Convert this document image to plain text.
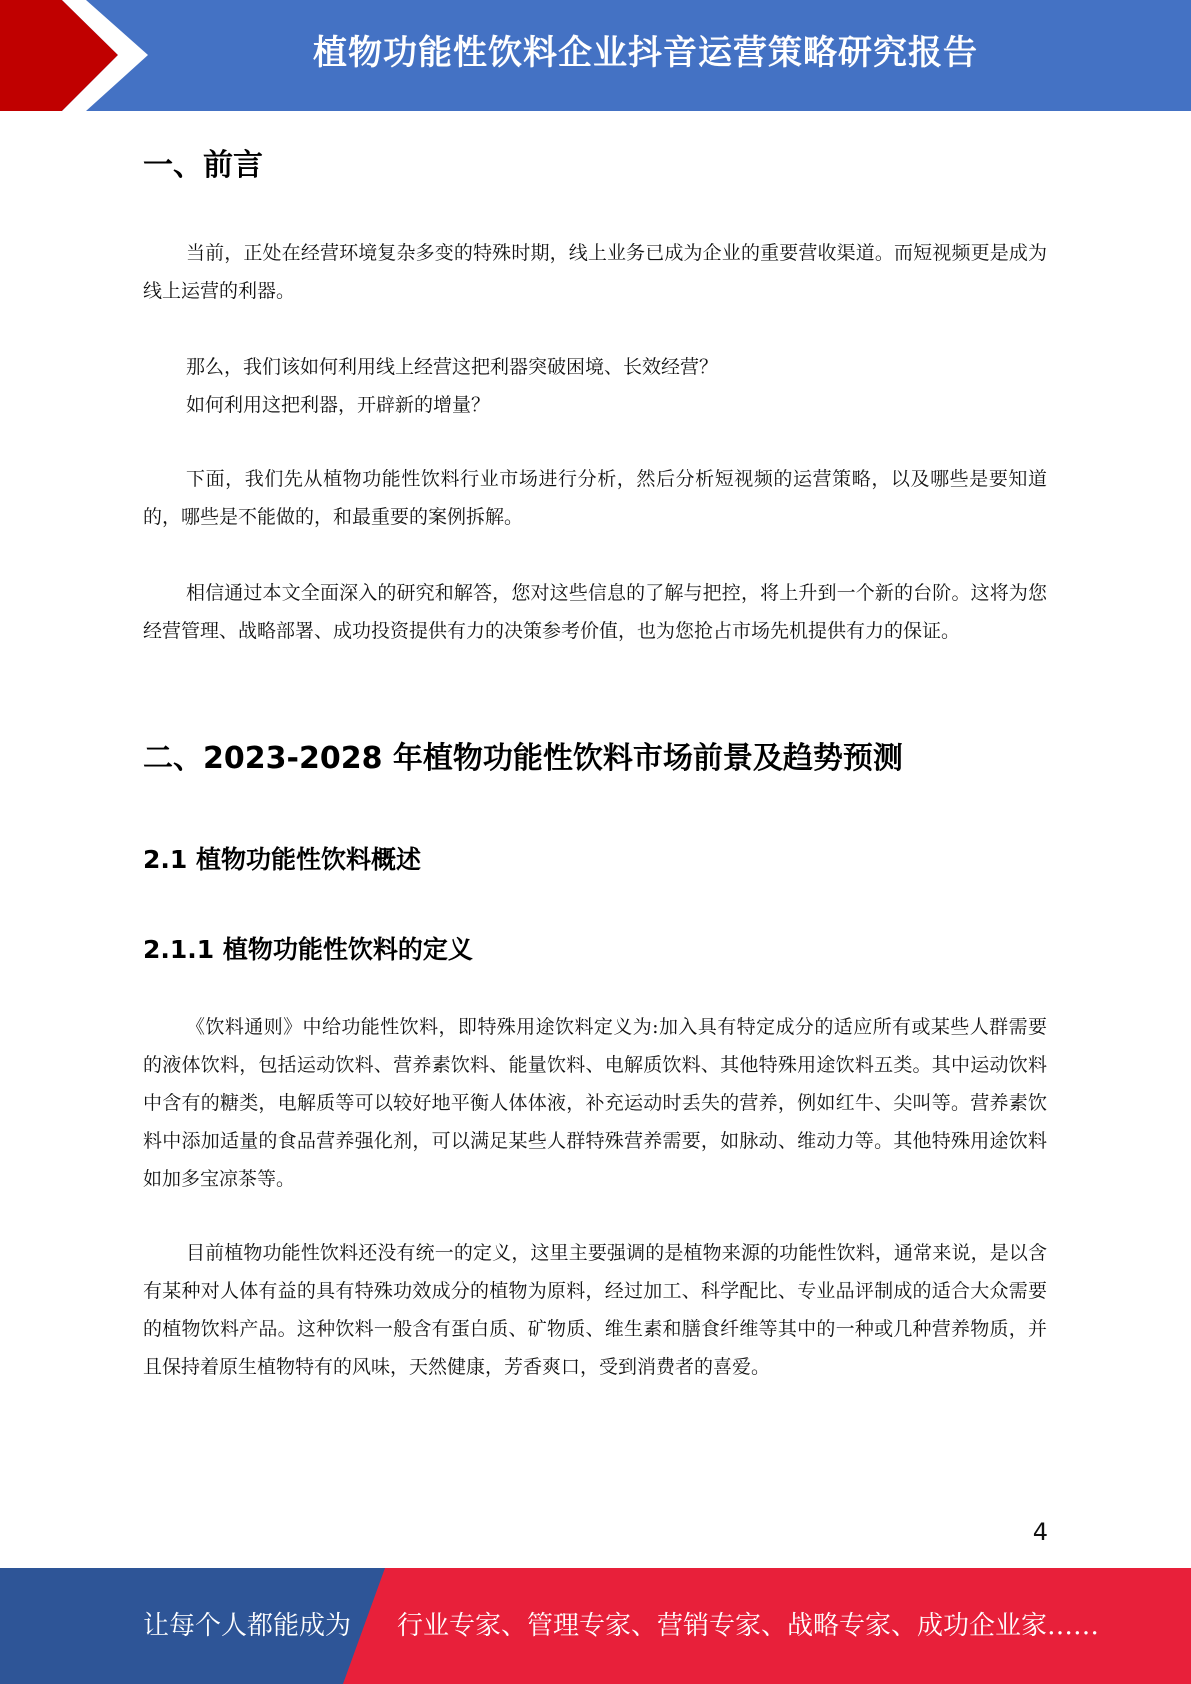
植物功能性饮料企业抖音运营策略研究报告
一、前言

当前，正处在经营环境复杂多变的特殊时期，线上业务已成为企业的重要营收渠道。而短视频更是成为线上运营的利器。

那么，我们该如何利用线上经营这把利器突破困境、长效经营？
如何利用这把利器，开辟新的增量？

下面，我们先从植物功能性饮料行业市场进行分析，然后分析短视频的运营策略，以及哪些是要知道的，哪些是不能做的，和最重要的案例拆解。

相信通过本文全面深入的研究和解答，您对这些信息的了解与把控，将上升到一个新的台阶。这将为您经营管理、战略部署、成功投资提供有力的决策参考价值，也为您抢占市场先机提供有力的保证。

二、2023-2028 年植物功能性饮料市场前景及趋势预测
2.1 植物功能性饮料概述
2.1.1 植物功能性饮料的定义

《饮料通则》中给功能性饮料，即特殊用途饮料定义为:加入具有特定成分的适应所有或某些人群需要的液体饮料，包括运动饮料、营养素饮料、能量饮料、电解质饮料、其他特殊用途饮料五类。其中运动饮料中含有的糖类，电解质等可以较好地平衡人体体液，补充运动时丢失的营养，例如红牛、尖叫等。营养素饮料中添加适量的食品营养强化剂，可以满足某些人群特殊营养需要，如脉动、维动力等。其他特殊用途饮料如加多宝凉茶等。

目前植物功能性饮料还没有统一的定义，这里主要强调的是植物来源的功能性饮料，通常来说，是以含有某种对人体有益的具有特殊功效成分的植物为原料，经过加工、科学配比、专业品评制成的适合大众需要的植物饮料产品。这种饮料一般含有蛋白质、矿物质、维生素和膳食纤维等其中的一种或几种营养物质，并且保持着原生植物特有的风味，天然健康，芳香爽口，受到消费者的喜爱。

4
让每个人都能成为 行业专家、管理专家、营销专家、战略专家、成功企业家……
